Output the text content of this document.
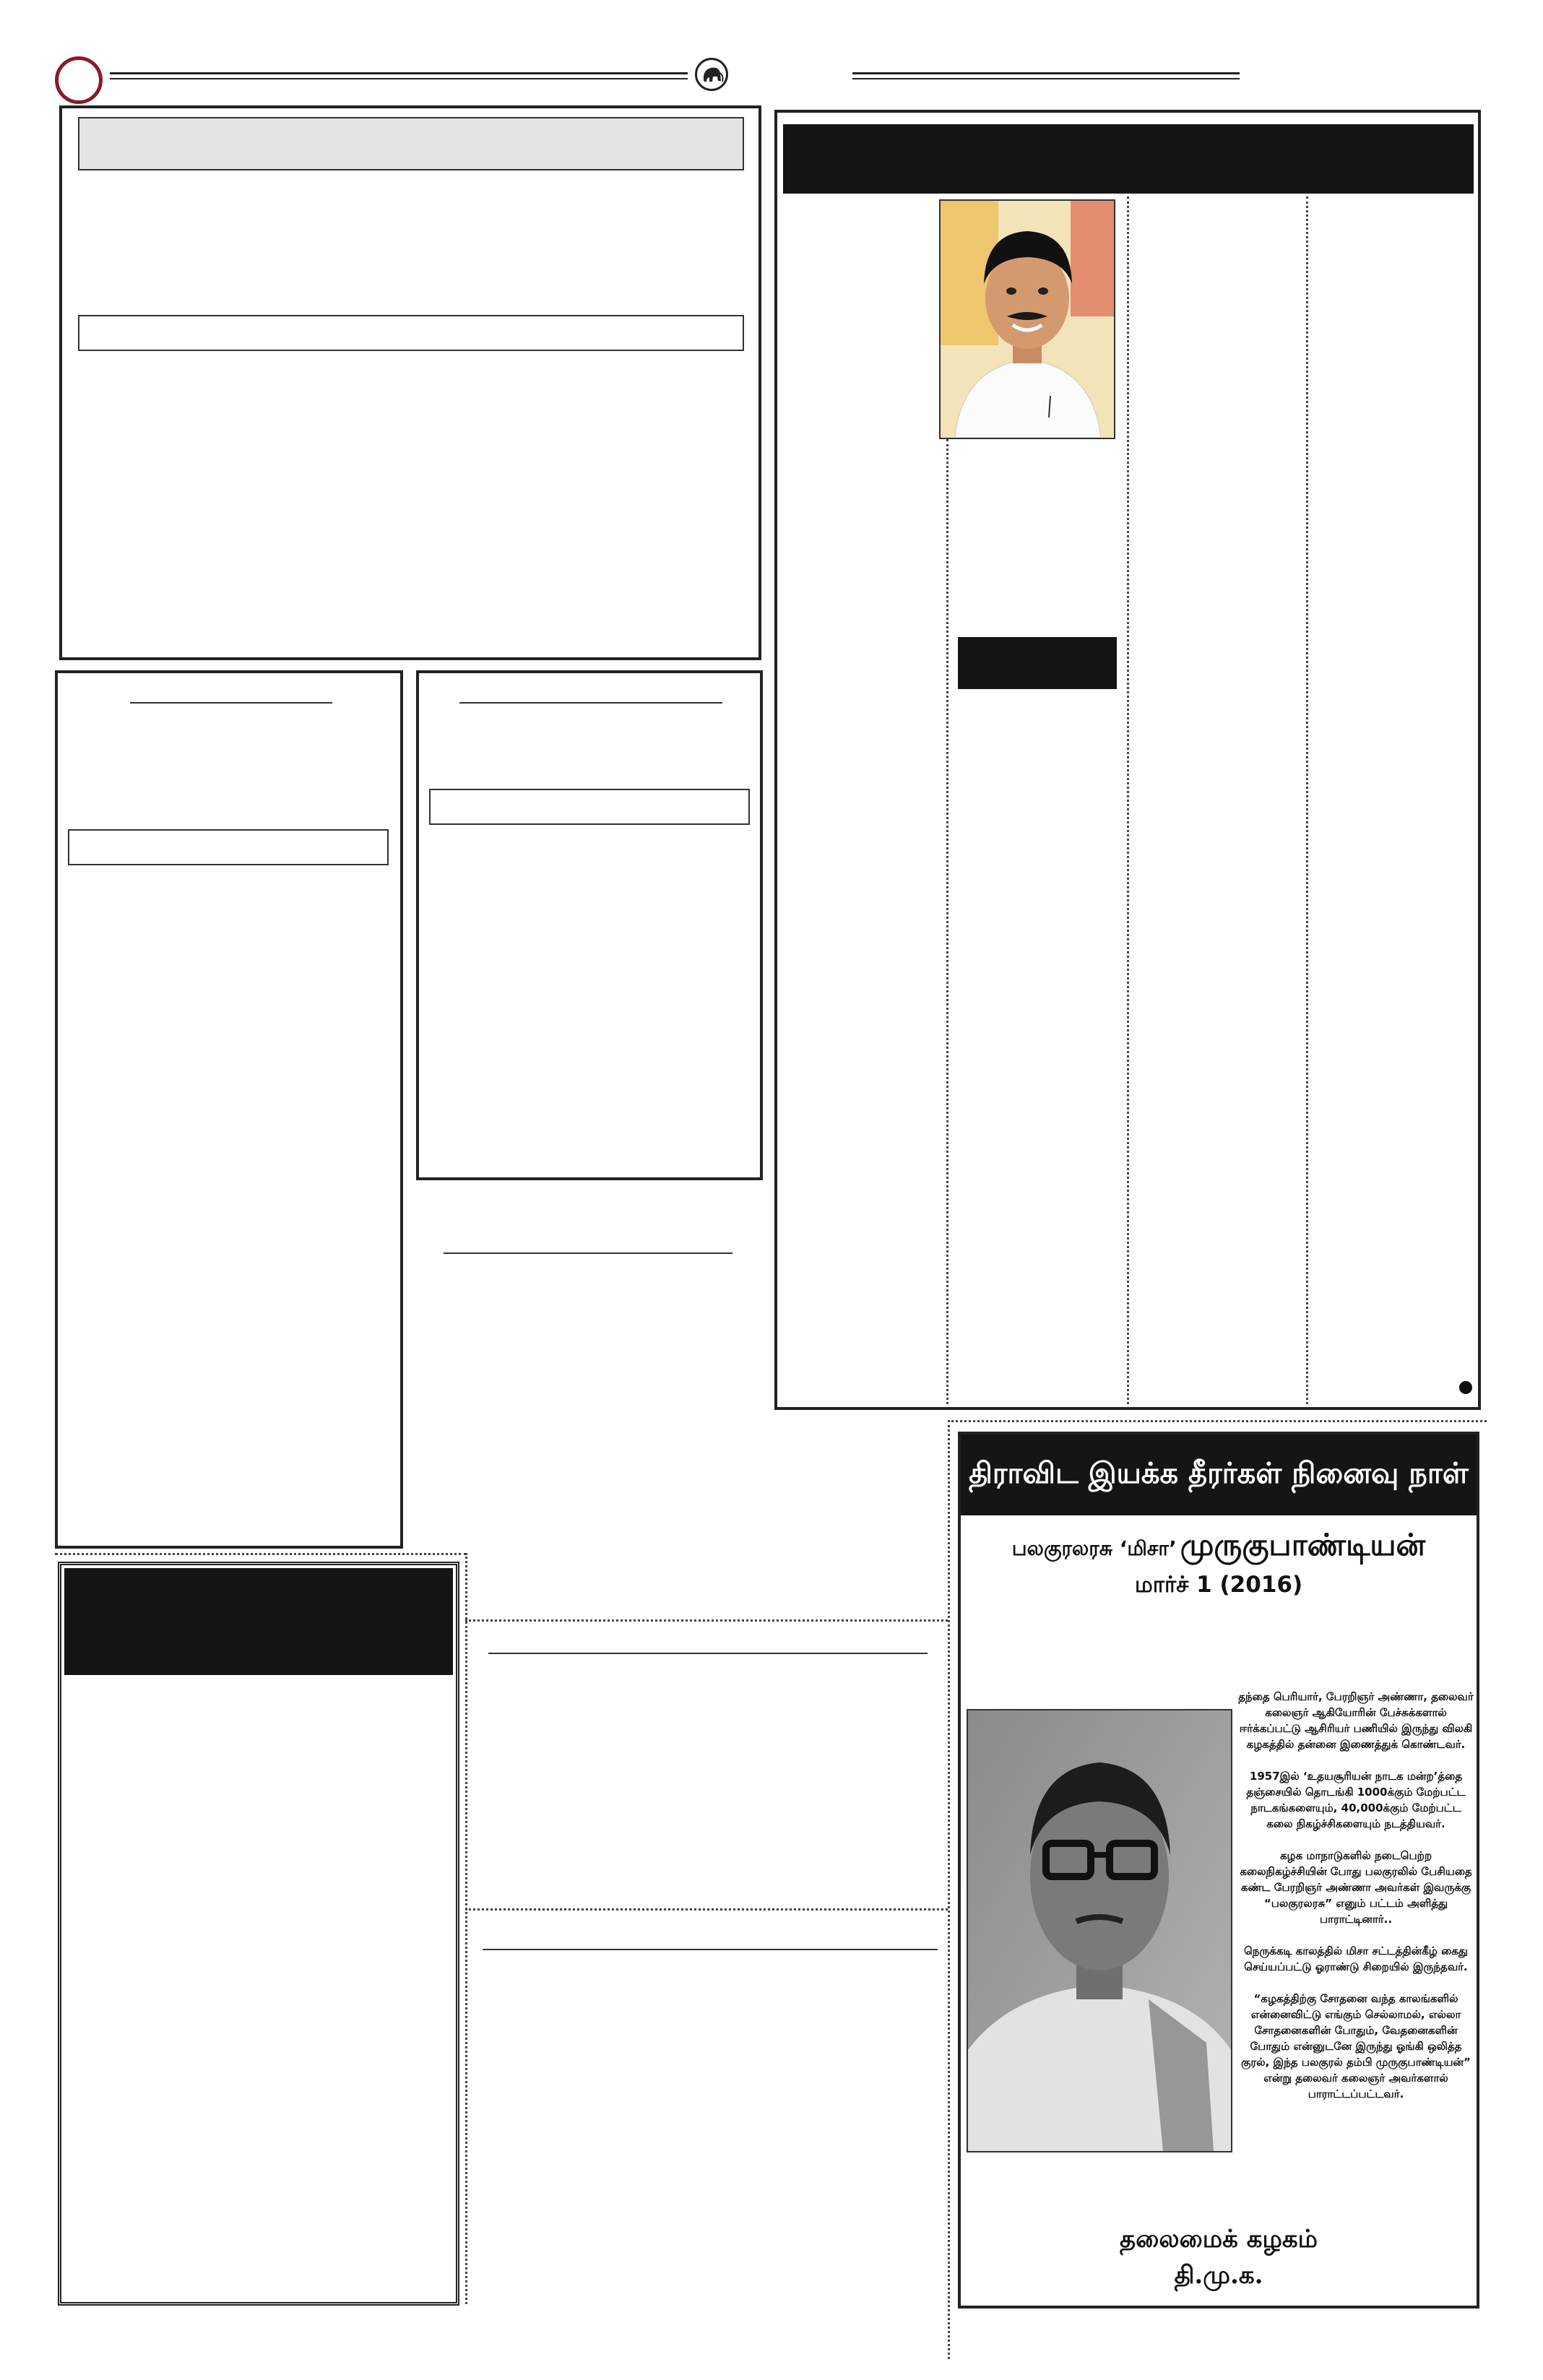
திராவிட இயக்க தீரர்கள் நினைவு நாள்
பலகுரலரசு ‘மிசா’ முருகுபாண்டியன்
மார்ச் 1 (2016)

தந்தை பெரியார், பேரறிஞர் அண்ணா, தலைவர் கலைஞர் ஆகியோரின் பேச்சுக்களால் ஈர்க்கப்பட்டு ஆசிரியர் பணியில் இருந்து விலகி கழகத்தில் தன்னை இணைத்துக் கொண்டவர்.

1957இல் ‘உதயசூரியன் நாடக மன்ற’த்தை தஞ்சையில் தொடங்கி 1000க்கும் மேற்பட்ட நாடகங்களையும், 40,000க்கும் மேற்பட்ட கலை நிகழ்ச்சிகளையும் நடத்தியவர்.

கழக மாநாடுகளில் நடைபெற்ற கலைநிகழ்ச்சியின் போது பலகுரலில் பேசியதை கண்ட பேரறிஞர் அண்ணா அவர்கள் இவருக்கு “பலகுரலரசு” எனும் பட்டம் அளித்து பாராட்டினார்..

நெருக்கடி காலத்தில் மிசா சட்டத்தின்கீழ் கைது செய்யப்பட்டு ஓராண்டு சிறையில் இருந்தவர்.

“கழகத்திற்கு சோதனை வந்த காலங்களில் என்னைவிட்டு எங்கும் செல்லாமல், எல்லா சோதனைகளின் போதும், வேதனைகளின் போதும் என்னுடனே இருந்து ஓங்கி ஒலித்த குரல், இந்த பலகுரல் தம்பி முருகுபாண்டியன்” என்று தலைவர் கலைஞர் அவர்களால் பாராட்டப்பட்டவர்.

தலைமைக் கழகம்
தி.மு.க.
